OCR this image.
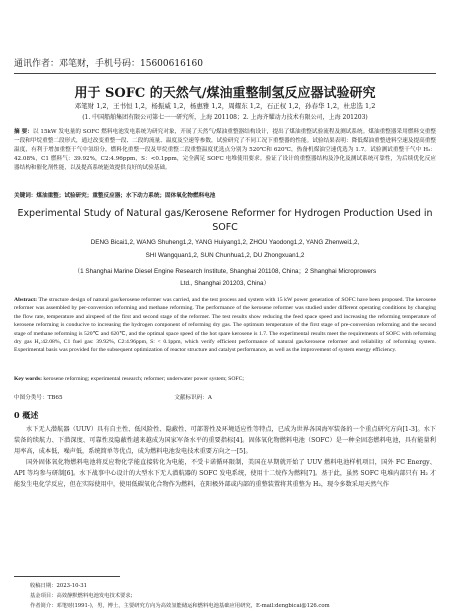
通讯作者：邓笔财，手机号码：15600616160
用于 SOFC 的天然气/煤油重整制氢反应器试验研究
邓笔财 1,2，王书恒 1,2，杨振威 1,2，杨惠雅 1,2，周耀东 1,2，石正权 1,2，孙春华 1,2，杜忠选 1,2
(1. 中国船舶集团有限公司第七一一研究所，上海 201108；2. 上海齐耀动力技术有限公司，上海 201203)
摘 要：以 15kW 发电量的 SOFC 燃料电池发电系统为研究对象，开展了天然气/煤油重整器结构设计，提出了煤油重整试验流程及测试系统。煤油重整器采用燃料交重整一段和甲烷重整二段形式，通过改变重整一段、二段的流量、温度及空速等参数，试验研究了不同工况下重整器的性能。试验结果表明：降低煤油重整进料空速及提高重整温度，有利于增加重整干气中氢组分，燃料化重整一段及甲烷重整二段重整温度优选点分别为 520℃和 620℃，热备机煤油空速优选为 1.7。试验测试重整干气中 H₂：42.08%，C1 燃料气：39.92%，C2:4.96ppm，S：<0.1ppm，完全满足 SOFC 电堆使用要求。验证了设计的重整器结构及净化及测试系统可靠性，为后续优化反应器结构和催化剂性能，以及提高系统能效提供良好的试验基础。
关键词：煤油重整；试验研究；重整反应器；水下动力系统；固体氧化物燃料电池
Experimental Study of Natural gas/Kerosene Reformer for Hydrogen Production Used in SOFC
DENG Bicai1,2, WANG Shuheng1,2, YANG Huiyang1,2, ZHOU Yaodong1,2, YANG Zhenwei1,2,
SHI Wangquan1,2, SUN Chunhua1,2, DU Zhongxuan1,2
（1 Shanghai Marine Diesel Engine Research Institute, Shanghai 201108, China；2 Shanghai Microprowers
Ltd., Shanghai 201203, China）
Abstract: The structure design of natural gas/kerosene reformer was carried, and the test process and system with 15 kW power generation of SOFC have been proposed. The kerosene reformer was assembled by per-conversion reforming and methane reforming. The performance of the kerosene reformer was studied under different operating conditions by changing the flow rate, temperature and airspeed of the first and second stage of the reformer. The test results show reducing the feed space speed and increasing the reforming temperature of kerosene reforming is conducive to increasing the hydrogen component of reforming dry gas. The optimum temperature of the first stage of pre-conversion reforming and the second stage of methane reforming is 520℃ and 620℃, and the optimal space speed of the hot spare kerosene is 1.7. The experimental results meet the requirements of SOFC with reforming dry gas H₂:42.08%, C1 fuel gas: 39.92%, C2:4.96ppm, S: < 0.1ppm, which verify efficient performance of natural gas/kerosene reformer and reliability of reforming system. Experimental basis was provided for the subsequent optimization of reactor structure and catalyst performance, as well as the improvement of system energy efficiency.
Key words: kerosene reforming; experimental research; reformer; underwater power system; SOFC;
中图分类号：TB65	文献标识码：A
0 概述
水下无人潜航器（UUV）具有自主性、低风险性、隐蔽性、可部署性及环境适应性等特点，已成为世界各国海军装备的一个重点研究方向[1-3]。水下装备的续航力、下潜深度、可靠性及隐蔽性越来越成为国家军备水平的重要指标[4]。固体氧化物燃料电池（SOFC）是一种全固态燃料电池，具有能量利用率高，成本低，噪声低，系统简单等优点，成为燃料电池发电技术重要方向之一[5]。
国外固体氧化物燃料电池将反应物化学能直接转化为电能，不受卡诺循环限制，美国在早期就开始了 UUV 燃料电池样机项目，国外 FC Energy、API 等均参与研制[6]。水下战事中心设计的大型水下无人潜航器的 SOFC 发电系统，使用十二烷作为燃料[7]。基于此，虽然 SOFC 电堆内部只有 H₂ 才能发生电化学反应，但在实际使用中，使用低碳氧化合物作为燃料，在阳极外部或内部的重整装置将其重整为 H₂，现今多数采用天然气作
收稿日期：2023-10-31
基金项目：高效静默燃料电池发电技术要求;
作者简介：邓笔财(1991-)，男，博士，主要研究方向为高效氢能储运和燃料电池基础应用研究，E-mail:dengbicai@126.com
